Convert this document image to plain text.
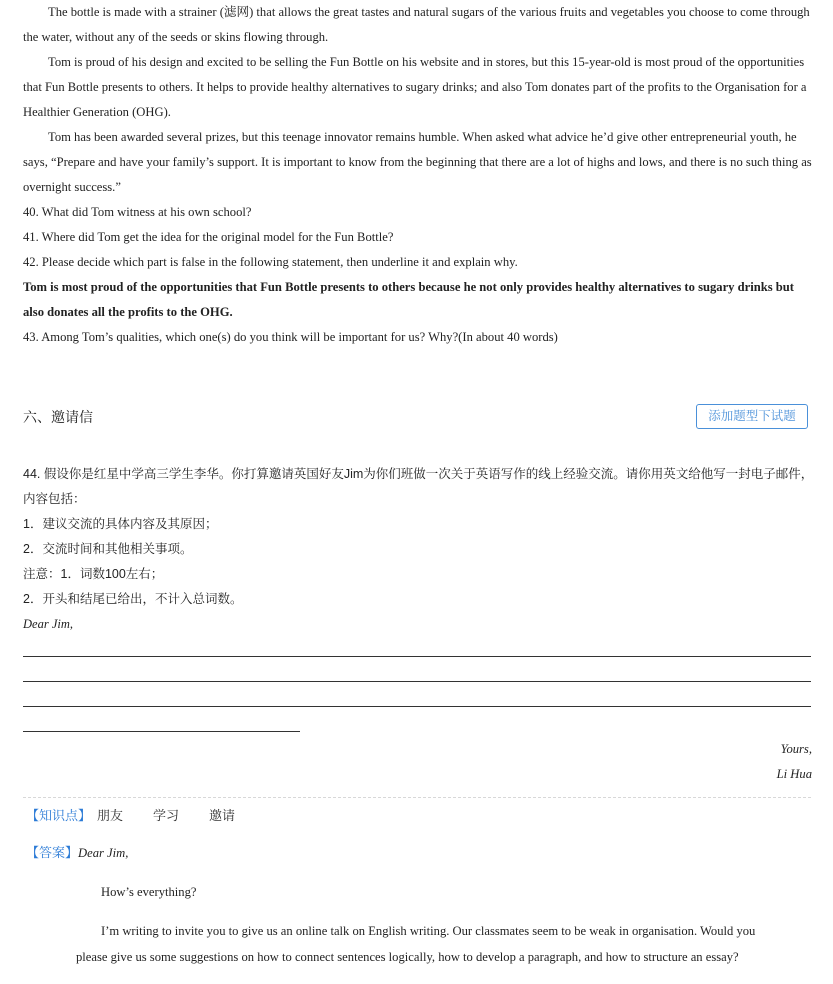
The bottle is made with a strainer (滤网) that allows the great tastes and natural sugars of the various fruits and vegetables you choose to come through the water, without any of the seeds or skins flowing through.
Tom is proud of his design and excited to be selling the Fun Bottle on his website and in stores, but this 15-year-old is most proud of the opportunities that Fun Bottle presents to others. It helps to provide healthy alternatives to sugary drinks; and also Tom donates part of the profits to the Organisation for a Healthier Generation (OHG).
Tom has been awarded several prizes, but this teenage innovator remains humble. When asked what advice he’d give other entrepreneurial youth, he says, “Prepare and have your family’s support. It is important to know from the beginning that there are a lot of highs and lows, and there is no such thing as overnight success.”
40. What did Tom witness at his own school?
41. Where did Tom get the idea for the original model for the Fun Bottle?
42. Please decide which part is false in the following statement, then underline it and explain why.
Tom is most proud of the opportunities that Fun Bottle presents to others because he not only provides healthy alternatives to sugary drinks but also donates all the profits to the OHG.
43. Among Tom’s qualities, which one(s) do you think will be important for us? Why?(In about 40 words)
六、邀请信	添加题型下试题
44. 假设你是红星中学高三学生李华。你打算邀请英国好友Jim为你们班做一次关于英语写作的线上经验交流。请你用英文给他写一封电子邮件，内容包括：
1．建议交流的具体内容及其原因；
2．交流时间和其他相关事项。
注意：1．词数100左右；
2．开头和结尾已给出，不计入总词数。
Dear Jim,
Yours,
Li Hua
【知识点】 朋友 学习 邀请
【答案】Dear Jim,
How’s everything?
I’m writing to invite you to give us an online talk on English writing. Our classmates seem to be weak in organisation. Would you please give us some suggestions on how to connect sentences logically, how to develop a paragraph, and how to structure an essay?
